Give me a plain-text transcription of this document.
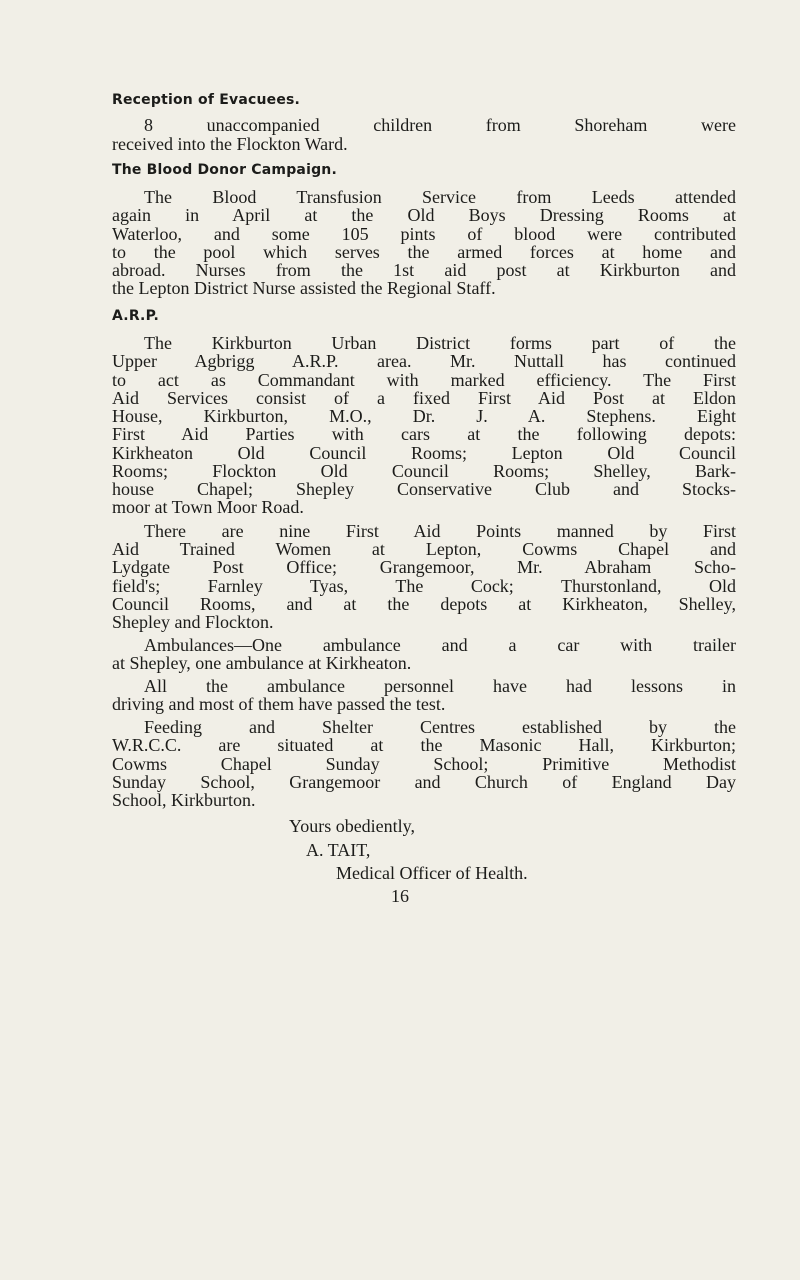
Reception of Evacuees.
8 unaccompanied children from Shoreham were
received into the Flockton Ward.
The Blood Donor Campaign.
The Blood Transfusion Service from Leeds attended
again in April at the Old Boys Dressing Rooms at
Waterloo, and some 105 pints of blood were contributed
to the pool which serves the armed forces at home and
abroad. Nurses from the 1st aid post at Kirkburton and
the Lepton District Nurse assisted the Regional Staff.
A.R.P.
The Kirkburton Urban District forms part of the
Upper Agbrigg A.R.P. area. Mr. Nuttall has continued
to act as Commandant with marked efficiency. The First
Aid Services consist of a fixed First Aid Post at Eldon
House, Kirkburton, M.O., Dr. J. A. Stephens. Eight
First Aid Parties with cars at the following depots:
Kirkheaton Old Council Rooms; Lepton Old Council
Rooms; Flockton Old Council Rooms; Shelley, Bark-
house Chapel; Shepley Conservative Club and Stocks-
moor at Town Moor Road.
There are nine First Aid Points manned by First
Aid Trained Women at Lepton, Cowms Chapel and
Lydgate Post Office; Grangemoor, Mr. Abraham Scho-
field's; Farnley Tyas, The Cock; Thurstonland, Old
Council Rooms, and at the depots at Kirkheaton, Shelley,
Shepley and Flockton.
Ambulances—One ambulance and a car with trailer
at Shepley, one ambulance at Kirkheaton.
All the ambulance personnel have had lessons in
driving and most of them have passed the test.
Feeding and Shelter Centres established by the
W.R.C.C. are situated at the Masonic Hall, Kirkburton;
Cowms Chapel Sunday School; Primitive Methodist
Sunday School, Grangemoor and Church of England Day
School, Kirkburton.
16
Yours obediently,
A. TAIT,
Medical Officer of Health.
